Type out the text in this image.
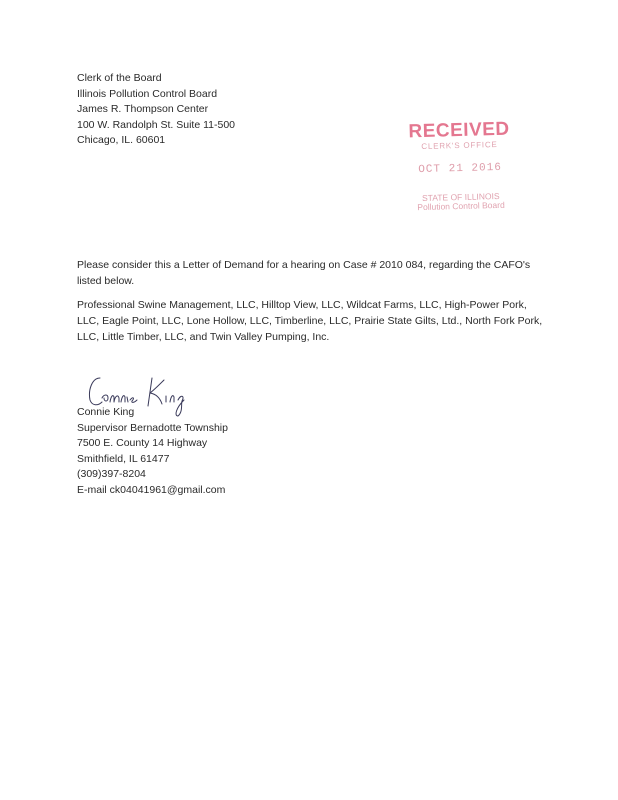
Clerk of the Board
Illinois Pollution Control Board
James R. Thompson Center
100 W. Randolph St. Suite 11-500
Chicago, IL. 60601	RECEIVED
CLERK'S OFFICE
OCT 21 2016
STATE OF ILLINOIS
Pollution Control Board
Please consider this a Letter of Demand for a hearing on Case # 2010 084, regarding the CAFO's listed below.
Professional Swine Management, LLC, Hilltop View, LLC, Wildcat Farms, LLC, High-Power Pork, LLC, Eagle Point, LLC, Lone Hollow, LLC, Timberline, LLC, Prairie State Gilts, Ltd., North Fork Pork, LLC, Little Timber, LLC, and Twin Valley Pumping, Inc.
Connie King
Supervisor Bernadotte Township
7500 E. County 14 Highway
Smithfield, IL 61477
(309)397-8204
E-mail ck04041961@gmail.com
